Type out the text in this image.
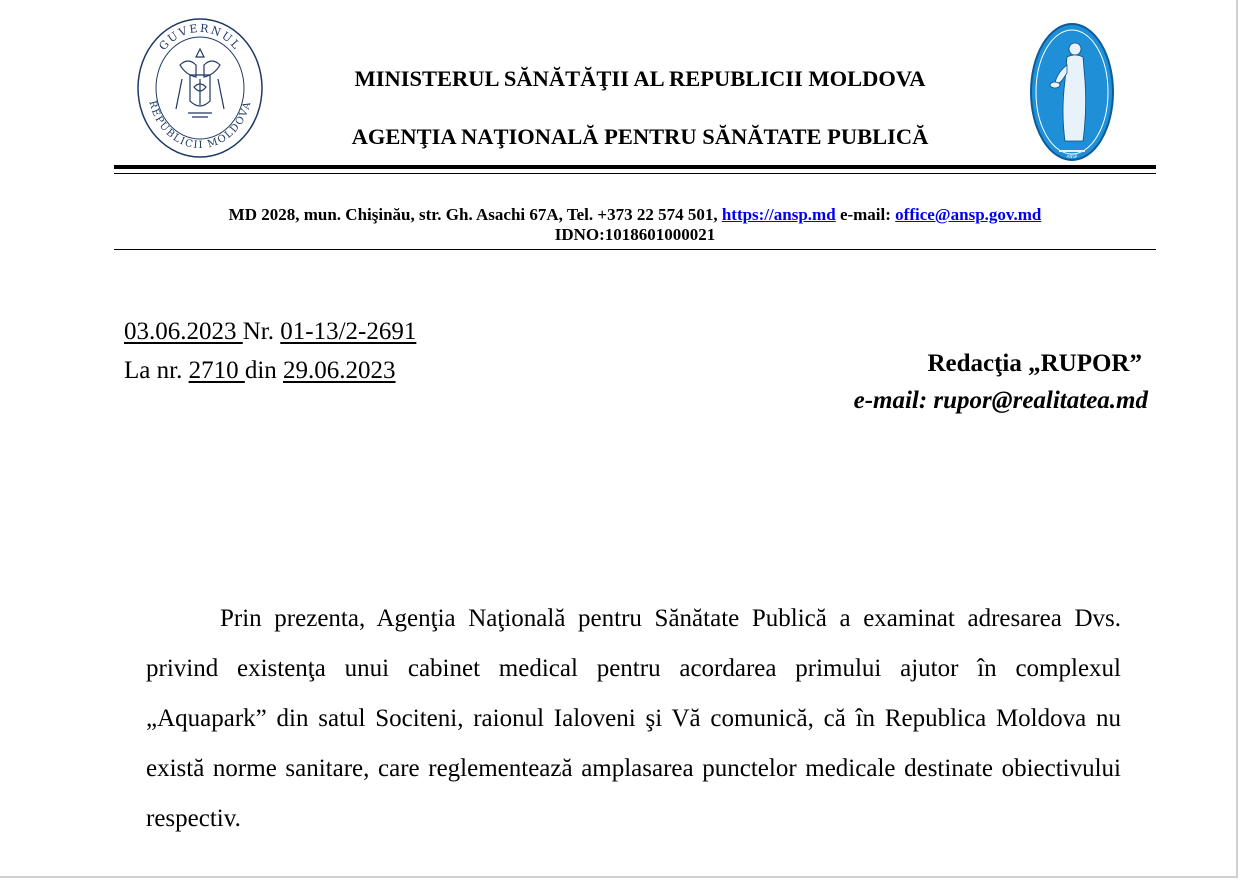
GUVERNUL
REPUBLICII MOLDOVA
MINISTERUL SĂNĂTĂŢII AL REPUBLICII MOLDOVA
AGENŢIA NAŢIONALĂ PENTRU SĂNĂTATE PUBLICĂ
ANSP
MD 2028, mun. Chişinău, str. Gh. Asachi 67A, Tel. +373 22 574 501, https://ansp.md e-mail: office@ansp.gov.md
IDNO:1018601000021
03.06.2023 Nr. 01-13/2-2691
La nr. 2710 din 29.06.2023	Redacţia „RUPOR”
e-mail: rupor@realitatea.md
Prin prezenta, Agenţia Naţională pentru Sănătate Publică a examinat adresarea Dvs. privind existenţa unui cabinet medical pentru acordarea primului ajutor în complexul „Aquapark” din satul Sociteni, raionul Ialoveni şi Vă comunică, că în Republica Moldova nu există norme sanitare, care reglementează amplasarea punctelor medicale destinate obiectivului respectiv.
